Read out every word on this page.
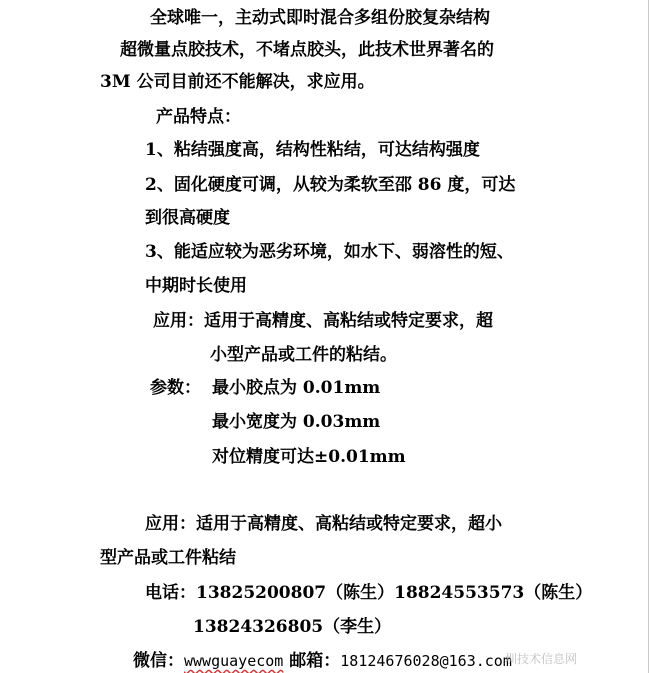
全球唯一，主动式即时混合多组份胶复杂结构
超微量点胶技术，不堵点胶头，此技术世界著名的
3M 公司目前还不能解决，求应用。
产品特点：
1、粘结强度高，结构性粘结，可达结构强度
2、固化硬度可调，从较为柔软至邵 86 度，可达
到很高硬度
3、能适应较为恶劣环境，如水下、弱溶性的短、
中期时长使用
应用：适用于高精度、高粘结或特定要求，超
小型产品或工件的粘结。
参数： 最小胶点为 0.01mm
最小宽度为 0.03mm
对位精度可达±0.01mm
应用：适用于高精度、高粘结或特定要求，超小
型产品或工件粘结
电话：13825200807（陈生）18824553573（陈生）
13824326805（李生）
微信：wwwguayecom 邮箱：18124676028@163.com
圳技术信息网
